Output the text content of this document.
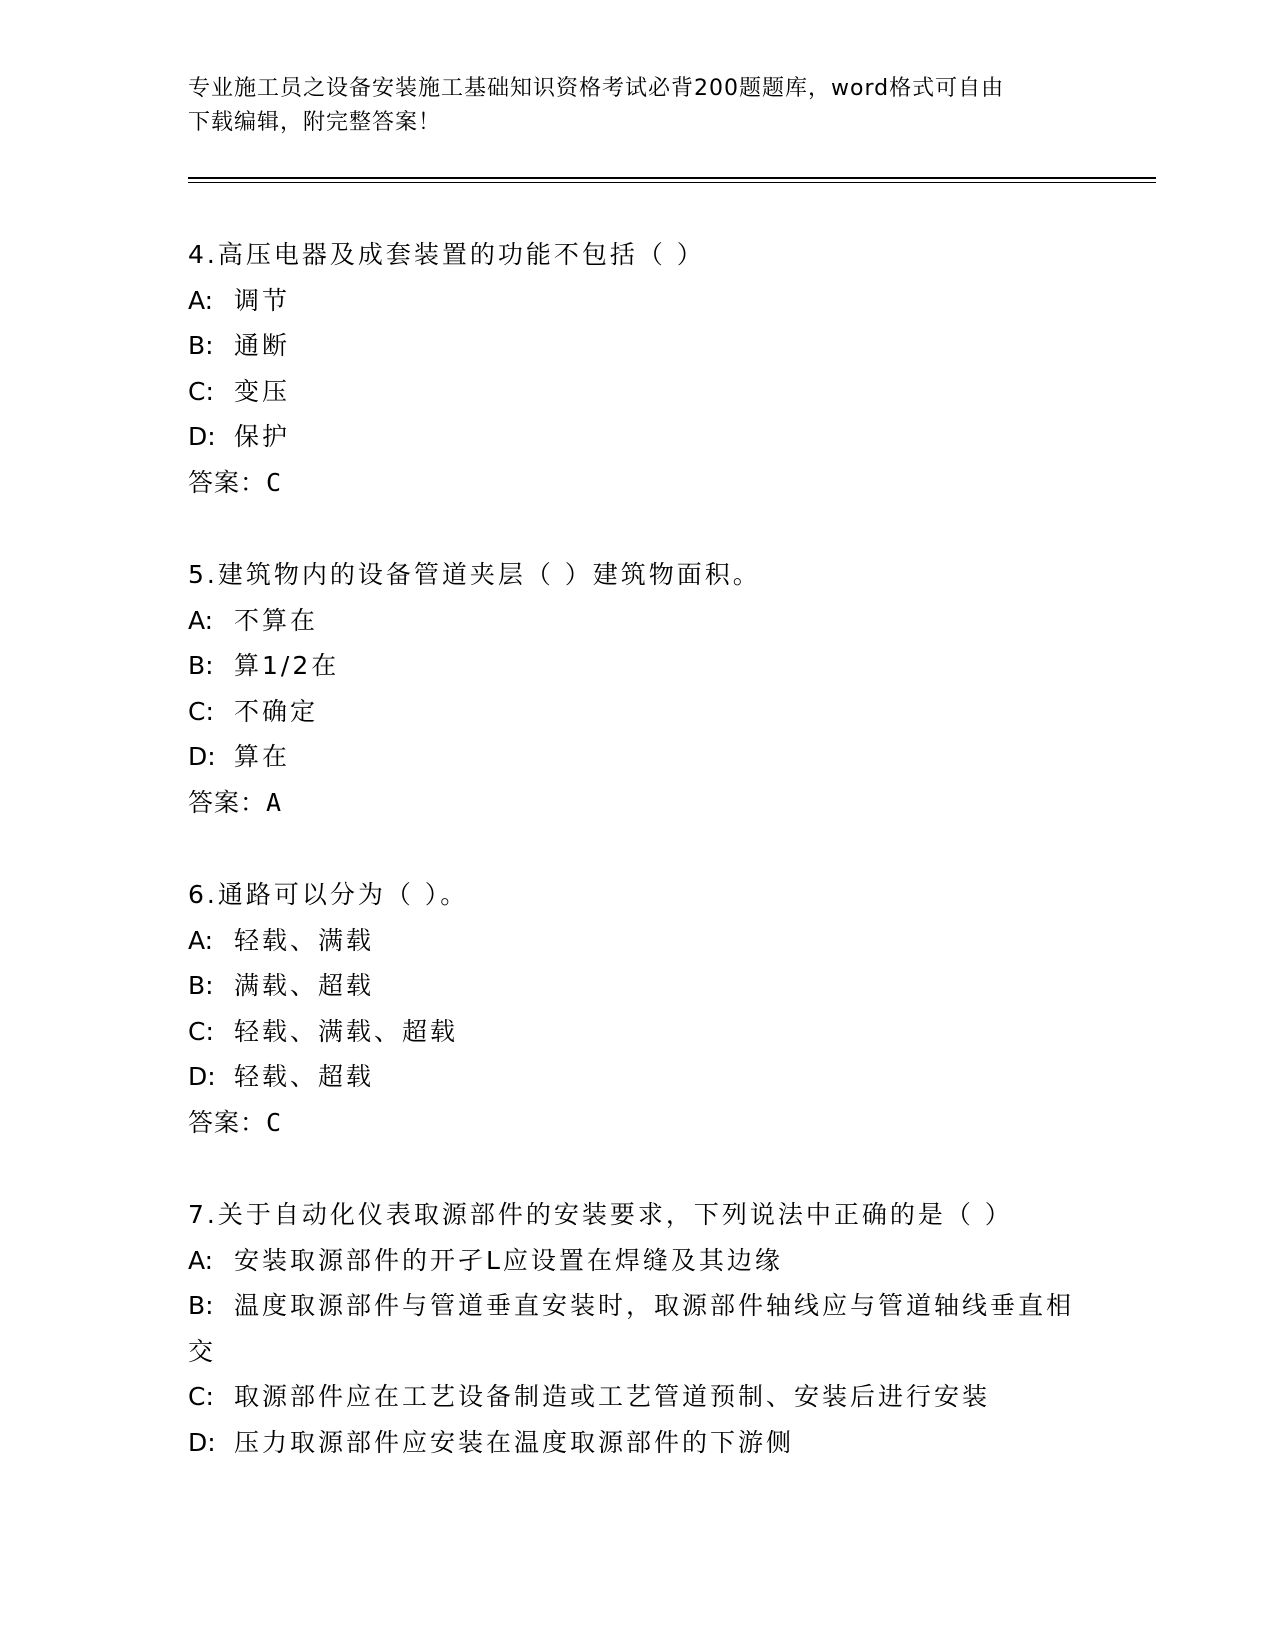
专业施工员之设备安装施工基础知识资格考试必背200题题库，word格式可自由
下载编辑，附完整答案！

4.高压电器及成套装置的功能不包括（ ）

A: 调节

B: 通断

C: 变压

D: 保护

答案：C

5.建筑物内的设备管道夹层（ ）建筑物面积。

A: 不算在

B: 算1/2在

C: 不确定

D: 算在

答案：A

6.通路可以分为（ ）。

A: 轻载、满载

B: 满载、超载

C: 轻载、满载、超载

D: 轻载、超载

答案：C

7.关于自动化仪表取源部件的安装要求，下列说法中正确的是（ ）

A: 安装取源部件的开孑L应设置在焊缝及其边缘

B: 温度取源部件与管道垂直安装时，取源部件轴线应与管道轴线垂直相交

C: 取源部件应在工艺设备制造或工艺管道预制、安装后进行安装

D: 压力取源部件应安装在温度取源部件的下游侧
